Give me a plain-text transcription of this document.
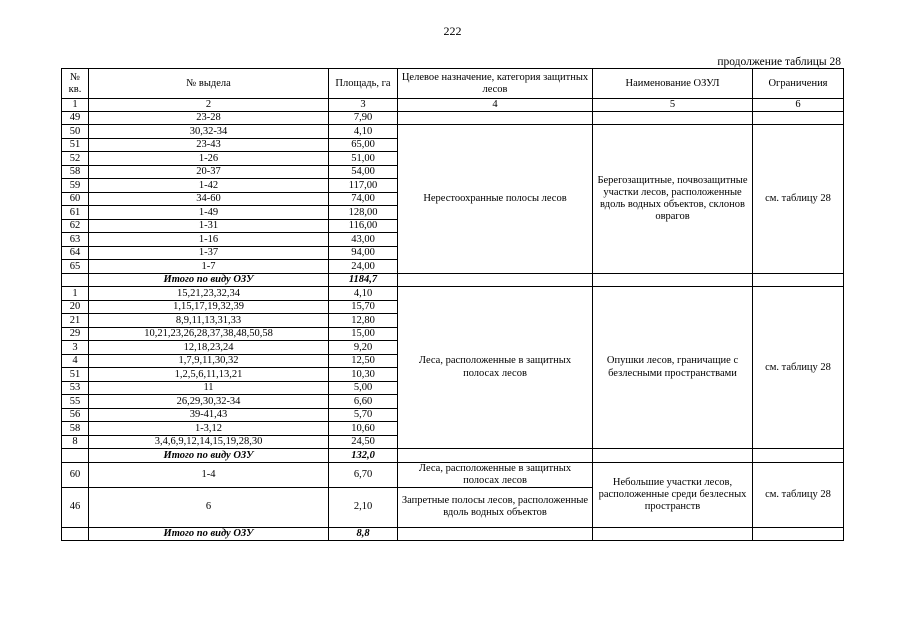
222
продолжение таблицы 28
№ кв.	№ выдела	Площадь, га	Целевое назначение, категория защитных лесов	Наименование ОЗУЛ	Ограничения
1	2	3	4	5	6
49	23-28	7,90			
50	30,32-34	4,10	Нерестоохранные полосы лесов	Берегозащитные, почвозащитные участки лесов, расположенные вдоль водных объектов, склонов оврагов	см. таблицу 28
51	23-43	65,00			
52	1-26	51,00			
58	20-37	54,00			
59	1-42	117,00			
60	34-60	74,00			
61	1-49	128,00			
62	1-31	116,00			
63	1-16	43,00			
64	1-37	94,00			
65	1-7	24,00			
	Итого по виду ОЗУ	1184,7			
1	15,21,23,32,34	4,10	Леса, расположенные в защитных полосах лесов	Опушки лесов, граничащие с безлесными пространствами	см. таблицу 28
20	1,15,17,19,32,39	15,70			
21	8,9,11,13,31,33	12,80			
29	10,21,23,26,28,37,38,48,50,58	15,00			
3	12,18,23,24	9,20			
4	1,7,9,11,30,32	12,50			
51	1,2,5,6,11,13,21	10,30			
53	11	5,00			
55	26,29,30,32-34	6,60			
56	39-41,43	5,70			
58	1-3,12	10,60			
8	3,4,6,9,12,14,15,19,28,30	24,50			
	Итого по виду ОЗУ	132,0			
60	1-4	6,70	Леса, расположенные в защитных полосах лесов	Небольшие участки лесов, расположенные среди безлесных пространств	см. таблицу 28
46	6	2,10	Запретные полосы лесов, расположенные вдоль водных объектов		
	Итого по виду ОЗУ	8,8			
